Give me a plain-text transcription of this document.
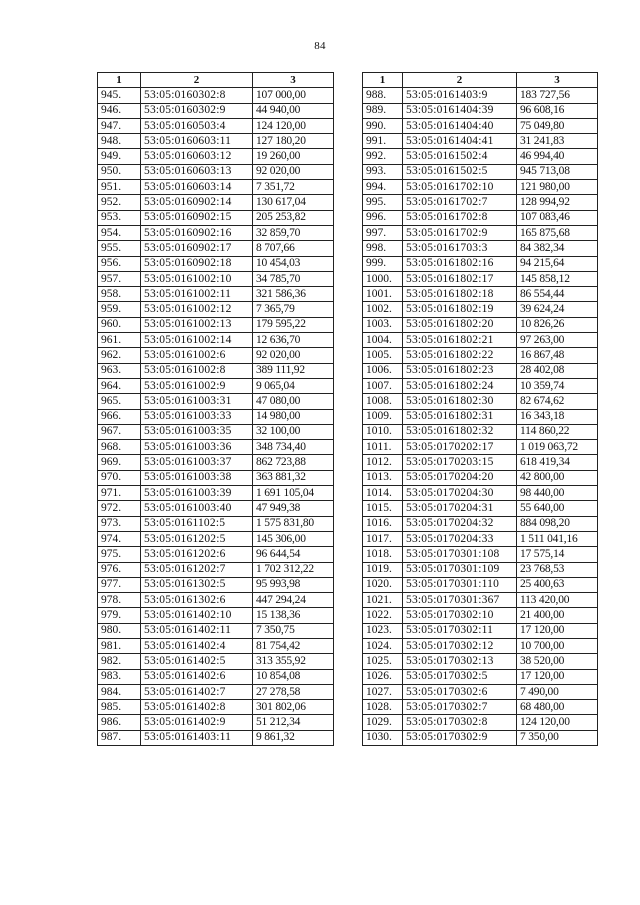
84
1	2	3
945.	53:05:0160302:8	107 000,00
946.	53:05:0160302:9	44 940,00
947.	53:05:0160503:4	124 120,00
948.	53:05:0160603:11	127 180,20
949.	53:05:0160603:12	19 260,00
950.	53:05:0160603:13	92 020,00
951.	53:05:0160603:14	7 351,72
952.	53:05:0160902:14	130 617,04
953.	53:05:0160902:15	205 253,82
954.	53:05:0160902:16	32 859,70
955.	53:05:0160902:17	8 707,66
956.	53:05:0160902:18	10 454,03
957.	53:05:0161002:10	34 785,70
958.	53:05:0161002:11	321 586,36
959.	53:05:0161002:12	7 365,79
960.	53:05:0161002:13	179 595,22
961.	53:05:0161002:14	12 636,70
962.	53:05:0161002:6	92 020,00
963.	53:05:0161002:8	389 111,92
964.	53:05:0161002:9	9 065,04
965.	53:05:0161003:31	47 080,00
966.	53:05:0161003:33	14 980,00
967.	53:05:0161003:35	32 100,00
968.	53:05:0161003:36	348 734,40
969.	53:05:0161003:37	862 723,88
970.	53:05:0161003:38	363 881,32
971.	53:05:0161003:39	1 691 105,04
972.	53:05:0161003:40	47 949,38
973.	53:05:0161102:5	1 575 831,80
974.	53:05:0161202:5	145 306,00
975.	53:05:0161202:6	96 644,54
976.	53:05:0161202:7	1 702 312,22
977.	53:05:0161302:5	95 993,98
978.	53:05:0161302:6	447 294,24
979.	53:05:0161402:10	15 138,36
980.	53:05:0161402:11	7 350,75
981.	53:05:0161402:4	81 754,42
982.	53:05:0161402:5	313 355,92
983.	53:05:0161402:6	10 854,08
984.	53:05:0161402:7	27 278,58
985.	53:05:0161402:8	301 802,06
986.	53:05:0161402:9	51 212,34
987.	53:05:0161403:11	9 861,32
1	2	3
988.	53:05:0161403:9	183 727,56
989.	53:05:0161404:39	96 608,16
990.	53:05:0161404:40	75 049,80
991.	53:05:0161404:41	31 241,83
992.	53:05:0161502:4	46 994,40
993.	53:05:0161502:5	945 713,08
994.	53:05:0161702:10	121 980,00
995.	53:05:0161702:7	128 994,92
996.	53:05:0161702:8	107 083,46
997.	53:05:0161702:9	165 875,68
998.	53:05:0161703:3	84 382,34
999.	53:05:0161802:16	94 215,64
1000.	53:05:0161802:17	145 858,12
1001.	53:05:0161802:18	86 554,44
1002.	53:05:0161802:19	39 624,24
1003.	53:05:0161802:20	10 826,26
1004.	53:05:0161802:21	97 263,00
1005.	53:05:0161802:22	16 867,48
1006.	53:05:0161802:23	28 402,08
1007.	53:05:0161802:24	10 359,74
1008.	53:05:0161802:30	82 674,62
1009.	53:05:0161802:31	16 343,18
1010.	53:05:0161802:32	114 860,22
1011.	53:05:0170202:17	1 019 063,72
1012.	53:05:0170203:15	618 419,34
1013.	53:05:0170204:20	42 800,00
1014.	53:05:0170204:30	98 440,00
1015.	53:05:0170204:31	55 640,00
1016.	53:05:0170204:32	884 098,20
1017.	53:05:0170204:33	1 511 041,16
1018.	53:05:0170301:108	17 575,14
1019.	53:05:0170301:109	23 768,53
1020.	53:05:0170301:110	25 400,63
1021.	53:05:0170301:367	113 420,00
1022.	53:05:0170302:10	21 400,00
1023.	53:05:0170302:11	17 120,00
1024.	53:05:0170302:12	10 700,00
1025.	53:05:0170302:13	38 520,00
1026.	53:05:0170302:5	17 120,00
1027.	53:05:0170302:6	7 490,00
1028.	53:05:0170302:7	68 480,00
1029.	53:05:0170302:8	124 120,00
1030.	53:05:0170302:9	7 350,00
